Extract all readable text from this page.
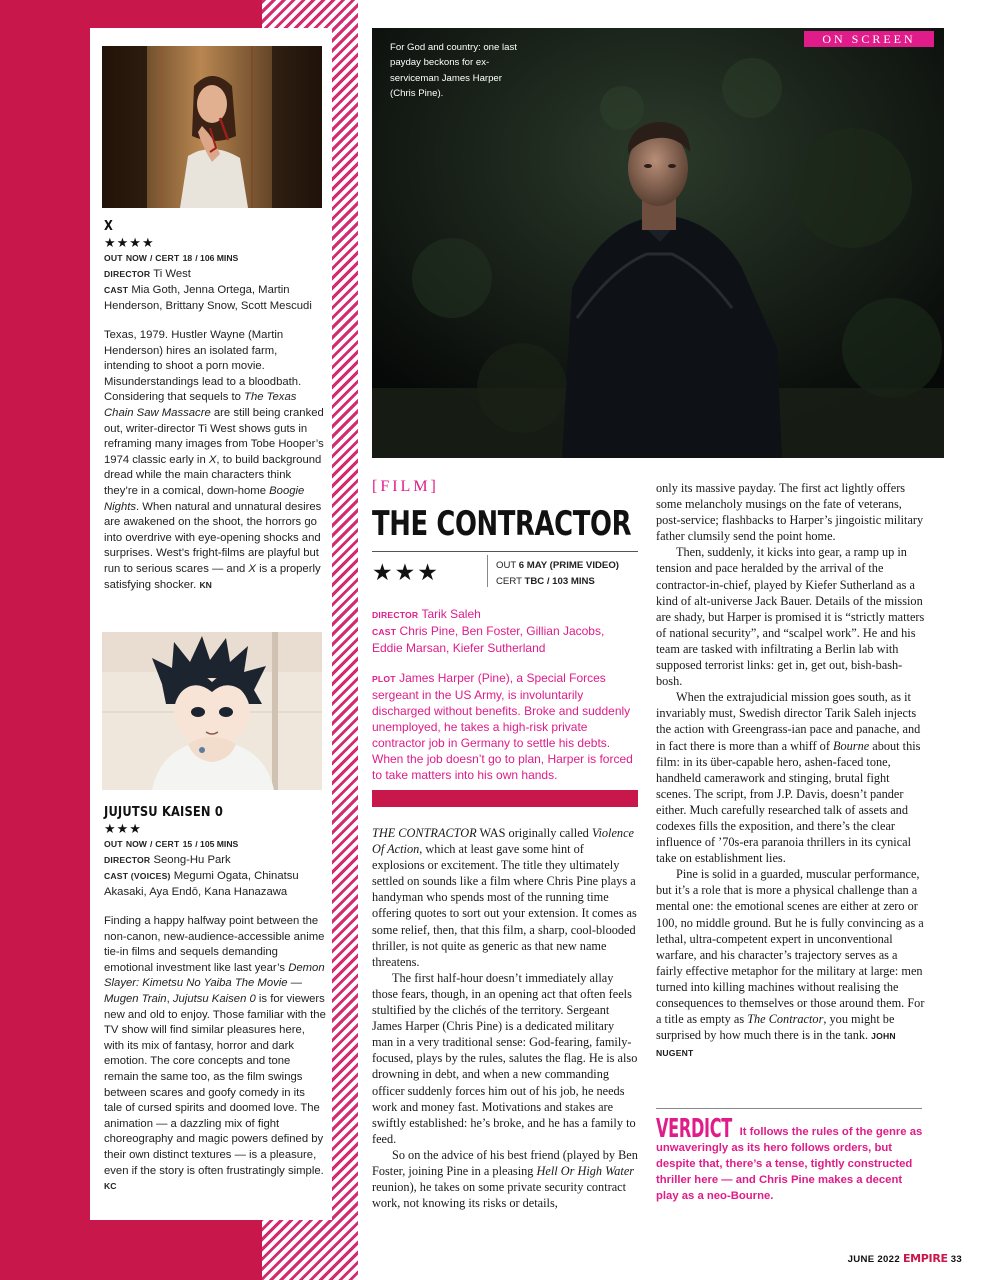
X
★★★★
OUT NOW / CERT 18 / 106 MINS
DIRECTOR Ti West
CAST Mia Goth, Jenna Ortega, Martin Henderson, Brittany Snow, Scott Mescudi
Texas, 1979. Hustler Wayne (Martin Henderson) hires an isolated farm, intending to shoot a porn movie. Misunderstandings lead to a bloodbath. Considering that sequels to The Texas Chain Saw Massacre are still being cranked out, writer-director Ti West shows guts in reframing many images from Tobe Hooper’s 1974 classic early in X, to build background dread while the main characters think they’re in a comical, down-home Boogie Nights. When natural and unnatural desires are awakened on the shoot, the horrors go into overdrive with eye-opening shocks and surprises. West’s fright-films are playful but run to serious scares — and X is a properly satisfying shocker. KN
JUJUTSU KAISEN 0
★★★
OUT NOW / CERT 15 / 105 MINS
DIRECTOR Seong-Hu Park
CAST (VOICES) Megumi Ogata, Chinatsu Akasaki, Aya Endō, Kana Hanazawa
Finding a happy halfway point between the non-canon, new-audience-accessible anime tie-in films and sequels demanding emotional investment like last year’s Demon Slayer: Kimetsu No Yaiba The Movie — Mugen Train, Jujutsu Kaisen 0 is for viewers new and old to enjoy. Those familiar with the TV show will find similar pleasures here, with its mix of fantasy, horror and dark emotion. The core concepts and tone remain the same too, as the film swings between scares and goofy comedy in its tale of cursed spirits and doomed love. The animation — a dazzling mix of fight choreography and magic powers defined by their own distinct textures — is a pleasure, even if the story is often frustratingly simple. KC
For God and country: one last payday beckons for ex-serviceman James Harper (Chris Pine).
ON SCREEN
[FILM]
THE CONTRACTOR
★★★	OUT 6 MAY (PRIME VIDEO)
CERT TBC / 103 MINS
DIRECTOR Tarik Saleh
CAST Chris Pine, Ben Foster, Gillian Jacobs, Eddie Marsan, Kiefer Sutherland
PLOT James Harper (Pine), a Special Forces sergeant in the US Army, is involuntarily discharged without benefits. Broke and suddenly unemployed, he takes a high-risk private contractor job in Germany to settle his debts. When the job doesn’t go to plan, Harper is forced to take matters into his own hands.

THE CONTRACTOR WAS originally called Violence Of Action, which at least gave some hint of explosions or excitement. The title they ultimately settled on sounds like a film where Chris Pine plays a handyman who spends most of the running time offering quotes to sort out your extension. It comes as some relief, then, that this film, a sharp, cool-blooded thriller, is not quite as generic as that new name threatens.

The first half-hour doesn’t immediately allay those fears, though, in an opening act that often feels stultified by the clichés of the territory. Sergeant James Harper (Chris Pine) is a dedicated military man in a very traditional sense: God-fearing, family-focused, plays by the rules, salutes the flag. He is also drowning in debt, and when a new commanding officer suddenly forces him out of his job, he needs work and money fast. Motivations and stakes are swiftly established: he’s broke, and he has a family to feed.

So on the advice of his best friend (played by Ben Foster, joining Pine in a pleasing Hell Or High Water reunion), he takes on some private security contract work, not knowing its risks or details,

only its massive payday. The first act lightly offers some melancholy musings on the fate of veterans, post-service; flashbacks to Harper’s jingoistic military father clumsily send the point home.

Then, suddenly, it kicks into gear, a ramp up in tension and pace heralded by the arrival of the contractor-in-chief, played by Kiefer Sutherland as a kind of alt-universe Jack Bauer. Details of the mission are shady, but Harper is promised it is “strictly matters of national security”, and “scalpel work”. He and his team are tasked with infiltrating a Berlin lab with supposed terrorist links: get in, get out, bish-bash-bosh.

When the extrajudicial mission goes south, as it invariably must, Swedish director Tarik Saleh injects the action with Greengrass-ian pace and panache, and in fact there is more than a whiff of Bourne about this film: in its über-capable hero, ashen-faced tone, handheld camerawork and stinging, brutal fight scenes. The script, from J.P. Davis, doesn’t pander either. Much carefully researched talk of assets and codexes fills the exposition, and there’s the clear influence of ’70s-era paranoia thrillers in its cynical take on establishment lies.

Pine is solid in a guarded, muscular performance, but it’s a role that is more a physical challenge than a mental one: the emotional scenes are either at zero or 100, no middle ground. But he is fully convincing as a lethal, ultra-competent expert in unconventional warfare, and his character’s trajectory serves as a fairly effective metaphor for the military at large: men turned into killing machines without realising the consequences to themselves or those around them. For a title as empty as The Contractor, you might be surprised by how much there is in the tank. JOHN NUGENT

VERDICT It follows the rules of the genre as unwaveringly as its hero follows orders, but despite that, there’s a tense, tightly constructed thriller here — and Chris Pine makes a decent play as a neo-Bourne.
JUNE 2022 EMPIRE 33
